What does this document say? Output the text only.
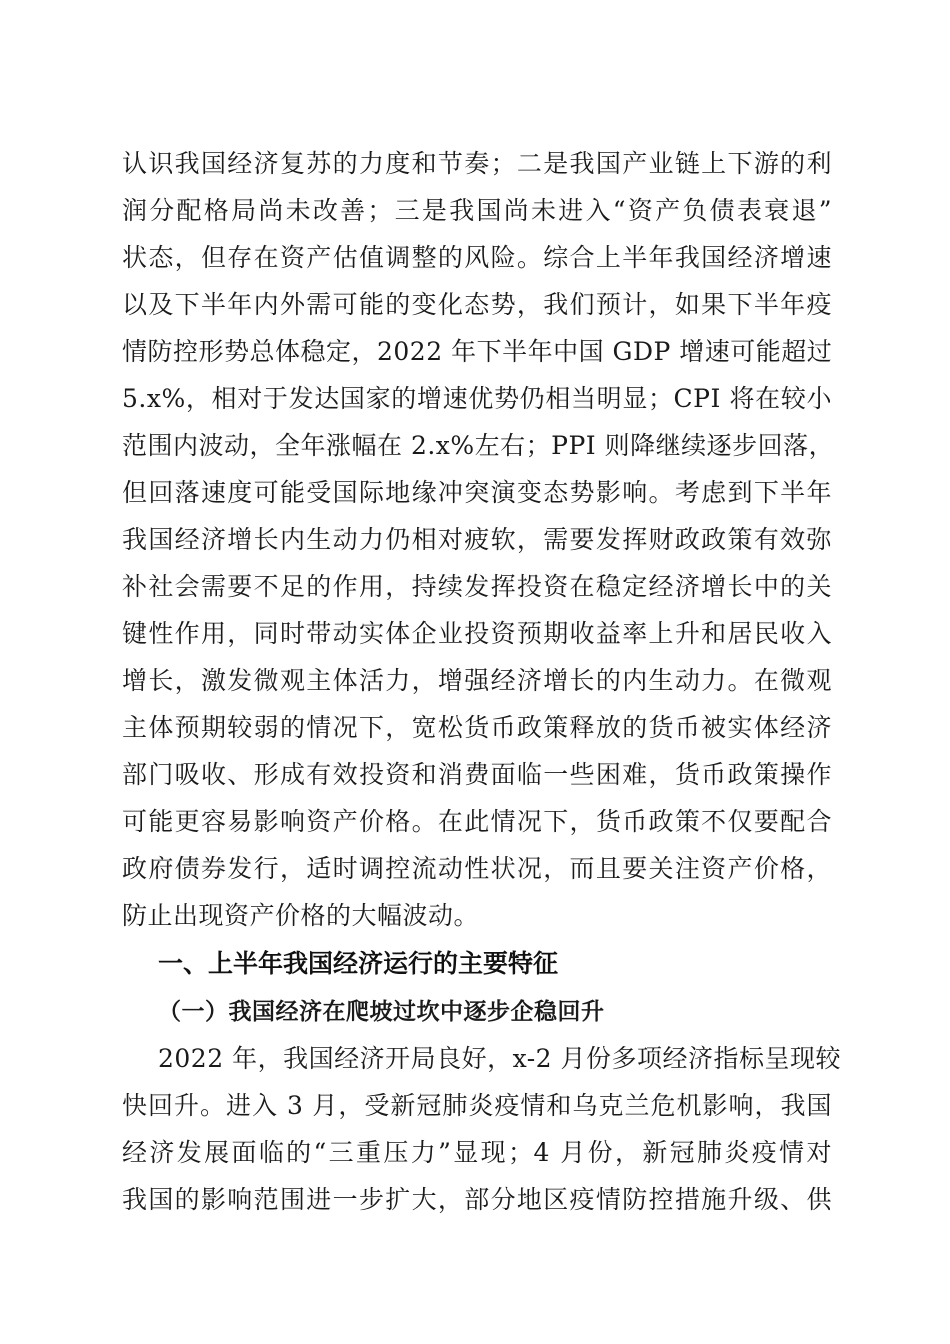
认识我国经济复苏的力度和节奏；二是我国产业链上下游的利
润分配格局尚未改善；三是我国尚未进入“资产负债表衰退”
状态，但存在资产估值调整的风险。综合上半年我国经济增速
以及下半年内外需可能的变化态势，我们预计，如果下半年疫
情防控形势总体稳定，2022 年下半年中国 GDP 增速可能超过
5.x%，相对于发达国家的增速优势仍相当明显；CPI 将在较小
范围内波动，全年涨幅在 2.x%左右；PPI 则降继续逐步回落，
但回落速度可能受国际地缘冲突演变态势影响。考虑到下半年
我国经济增长内生动力仍相对疲软，需要发挥财政政策有效弥
补社会需要不足的作用，持续发挥投资在稳定经济增长中的关
键性作用，同时带动实体企业投资预期收益率上升和居民收入
增长，激发微观主体活力，增强经济增长的内生动力。在微观
主体预期较弱的情况下，宽松货币政策释放的货币被实体经济
部门吸收、形成有效投资和消费面临一些困难，货币政策操作
可能更容易影响资产价格。在此情况下，货币政策不仅要配合
政府债券发行，适时调控流动性状况，而且要关注资产价格，
防止出现资产价格的大幅波动。
一、上半年我国经济运行的主要特征
（一）我国经济在爬坡过坎中逐步企稳回升
2022 年，我国经济开局良好，x-2 月份多项经济指标呈现较
快回升。进入 3 月，受新冠肺炎疫情和乌克兰危机影响，我国
经济发展面临的“三重压力”显现；4 月份，新冠肺炎疫情对
我国的影响范围进一步扩大，部分地区疫情防控措施升级、供
